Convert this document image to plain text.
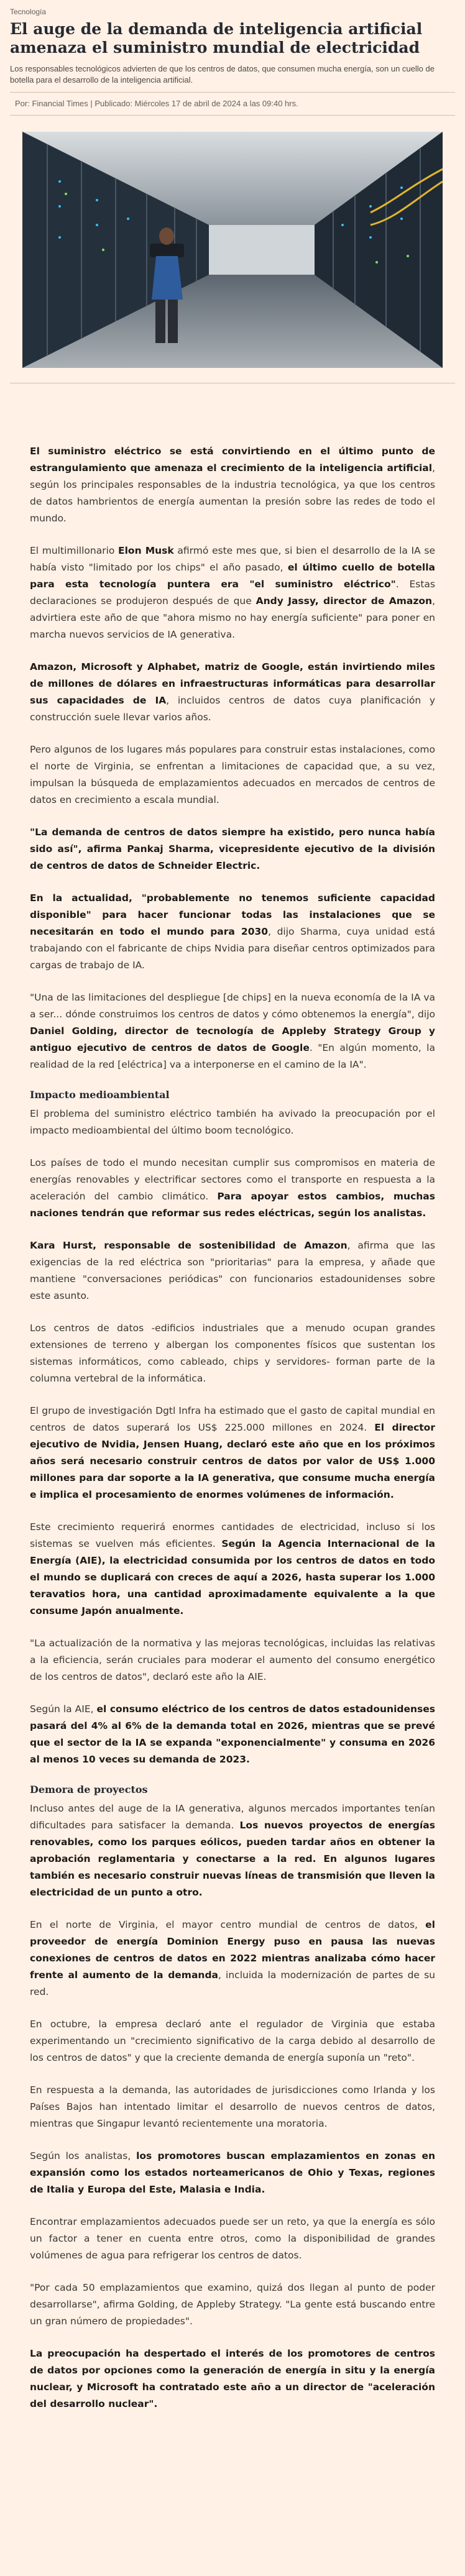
Tecnología
El auge de la demanda de inteligencia artificial amenaza el suministro mundial de electricidad

Los responsables tecnológicos advierten de que los centros de datos, que consumen mucha energía, son un cuello de botella para el desarrollo de la inteligencia artificial.

Por: Financial Times | Publicado: Miércoles 17 de abril de 2024 a las 09:40 hrs.

El suministro eléctrico se está convirtiendo en el último punto de estrangulamiento que amenaza el crecimiento de la inteligencia artificial, según los principales responsables de la industria tecnológica, ya que los centros de datos hambrientos de energía aumentan la presión sobre las redes de todo el mundo.

El multimillonario Elon Musk afirmó este mes que, si bien el desarrollo de la IA se había visto "limitado por los chips" el año pasado, el último cuello de botella para esta tecnología puntera era "el suministro eléctrico". Estas declaraciones se produjeron después de que Andy Jassy, director de Amazon, advirtiera este año de que "ahora mismo no hay energía suficiente" para poner en marcha nuevos servicios de IA generativa.

Amazon, Microsoft y Alphabet, matriz de Google, están invirtiendo miles de millones de dólares en infraestructuras informáticas para desarrollar sus capacidades de IA, incluidos centros de datos cuya planificación y construcción suele llevar varios años.

Pero algunos de los lugares más populares para construir estas instalaciones, como el norte de Virginia, se enfrentan a limitaciones de capacidad que, a su vez, impulsan la búsqueda de emplazamientos adecuados en mercados de centros de datos en crecimiento a escala mundial.

"La demanda de centros de datos siempre ha existido, pero nunca había sido así", afirma Pankaj Sharma, vicepresidente ejecutivo de la división de centros de datos de Schneider Electric.

En la actualidad, "probablemente no tenemos suficiente capacidad disponible" para hacer funcionar todas las instalaciones que se necesitarán en todo el mundo para 2030, dijo Sharma, cuya unidad está trabajando con el fabricante de chips Nvidia para diseñar centros optimizados para cargas de trabajo de IA.

"Una de las limitaciones del despliegue [de chips] en la nueva economía de la IA va a ser... dónde construimos los centros de datos y cómo obtenemos la energía", dijo Daniel Golding, director de tecnología de Appleby Strategy Group y antiguo ejecutivo de centros de datos de Google. "En algún momento, la realidad de la red [eléctrica] va a interponerse en el camino de la IA".

Impacto medioambiental

El problema del suministro eléctrico también ha avivado la preocupación por el impacto medioambiental del último boom tecnológico.

Los países de todo el mundo necesitan cumplir sus compromisos en materia de energías renovables y electrificar sectores como el transporte en respuesta a la aceleración del cambio climático. Para apoyar estos cambios, muchas naciones tendrán que reformar sus redes eléctricas, según los analistas.

Kara Hurst, responsable de sostenibilidad de Amazon, afirma que las exigencias de la red eléctrica son "prioritarias" para la empresa, y añade que mantiene "conversaciones periódicas" con funcionarios estadounidenses sobre este asunto.

Los centros de datos -edificios industriales que a menudo ocupan grandes extensiones de terreno y albergan los componentes físicos que sustentan los sistemas informáticos, como cableado, chips y servidores- forman parte de la columna vertebral de la informática.

El grupo de investigación Dgtl Infra ha estimado que el gasto de capital mundial en centros de datos superará los US$ 225.000 millones en 2024. El director ejecutivo de Nvidia, Jensen Huang, declaró este año que en los próximos años será necesario construir centros de datos por valor de US$ 1.000 millones para dar soporte a la IA generativa, que consume mucha energía e implica el procesamiento de enormes volúmenes de información.

Este crecimiento requerirá enormes cantidades de electricidad, incluso si los sistemas se vuelven más eficientes. Según la Agencia Internacional de la Energía (AIE), la electricidad consumida por los centros de datos en todo el mundo se duplicará con creces de aquí a 2026, hasta superar los 1.000 teravatios hora, una cantidad aproximadamente equivalente a la que consume Japón anualmente.

"La actualización de la normativa y las mejoras tecnológicas, incluidas las relativas a la eficiencia, serán cruciales para moderar el aumento del consumo energético de los centros de datos", declaró este año la AIE.

Según la AIE, el consumo eléctrico de los centros de datos estadounidenses pasará del 4% al 6% de la demanda total en 2026, mientras que se prevé que el sector de la IA se expanda "exponencialmente" y consuma en 2026 al menos 10 veces su demanda de 2023.

Demora de proyectos

Incluso antes del auge de la IA generativa, algunos mercados importantes tenían dificultades para satisfacer la demanda. Los nuevos proyectos de energías renovables, como los parques eólicos, pueden tardar años en obtener la aprobación reglamentaria y conectarse a la red. En algunos lugares también es necesario construir nuevas líneas de transmisión que lleven la electricidad de un punto a otro.

En el norte de Virginia, el mayor centro mundial de centros de datos, el proveedor de energía Dominion Energy puso en pausa las nuevas conexiones de centros de datos en 2022 mientras analizaba cómo hacer frente al aumento de la demanda, incluida la modernización de partes de su red.

En octubre, la empresa declaró ante el regulador de Virginia que estaba experimentando un "crecimiento significativo de la carga debido al desarrollo de los centros de datos" y que la creciente demanda de energía suponía un "reto".

En respuesta a la demanda, las autoridades de jurisdicciones como Irlanda y los Países Bajos han intentado limitar el desarrollo de nuevos centros de datos, mientras que Singapur levantó recientemente una moratoria.

Según los analistas, los promotores buscan emplazamientos en zonas en expansión como los estados norteamericanos de Ohio y Texas, regiones de Italia y Europa del Este, Malasia e India.

Encontrar emplazamientos adecuados puede ser un reto, ya que la energía es sólo un factor a tener en cuenta entre otros, como la disponibilidad de grandes volúmenes de agua para refrigerar los centros de datos.

"Por cada 50 emplazamientos que examino, quizá dos llegan al punto de poder desarrollarse", afirma Golding, de Appleby Strategy. "La gente está buscando entre un gran número de propiedades".

La preocupación ha despertado el interés de los promotores de centros de datos por opciones como la generación de energía in situ y la energía nuclear, y Microsoft ha contratado este año a un director de "aceleración del desarrollo nuclear".
